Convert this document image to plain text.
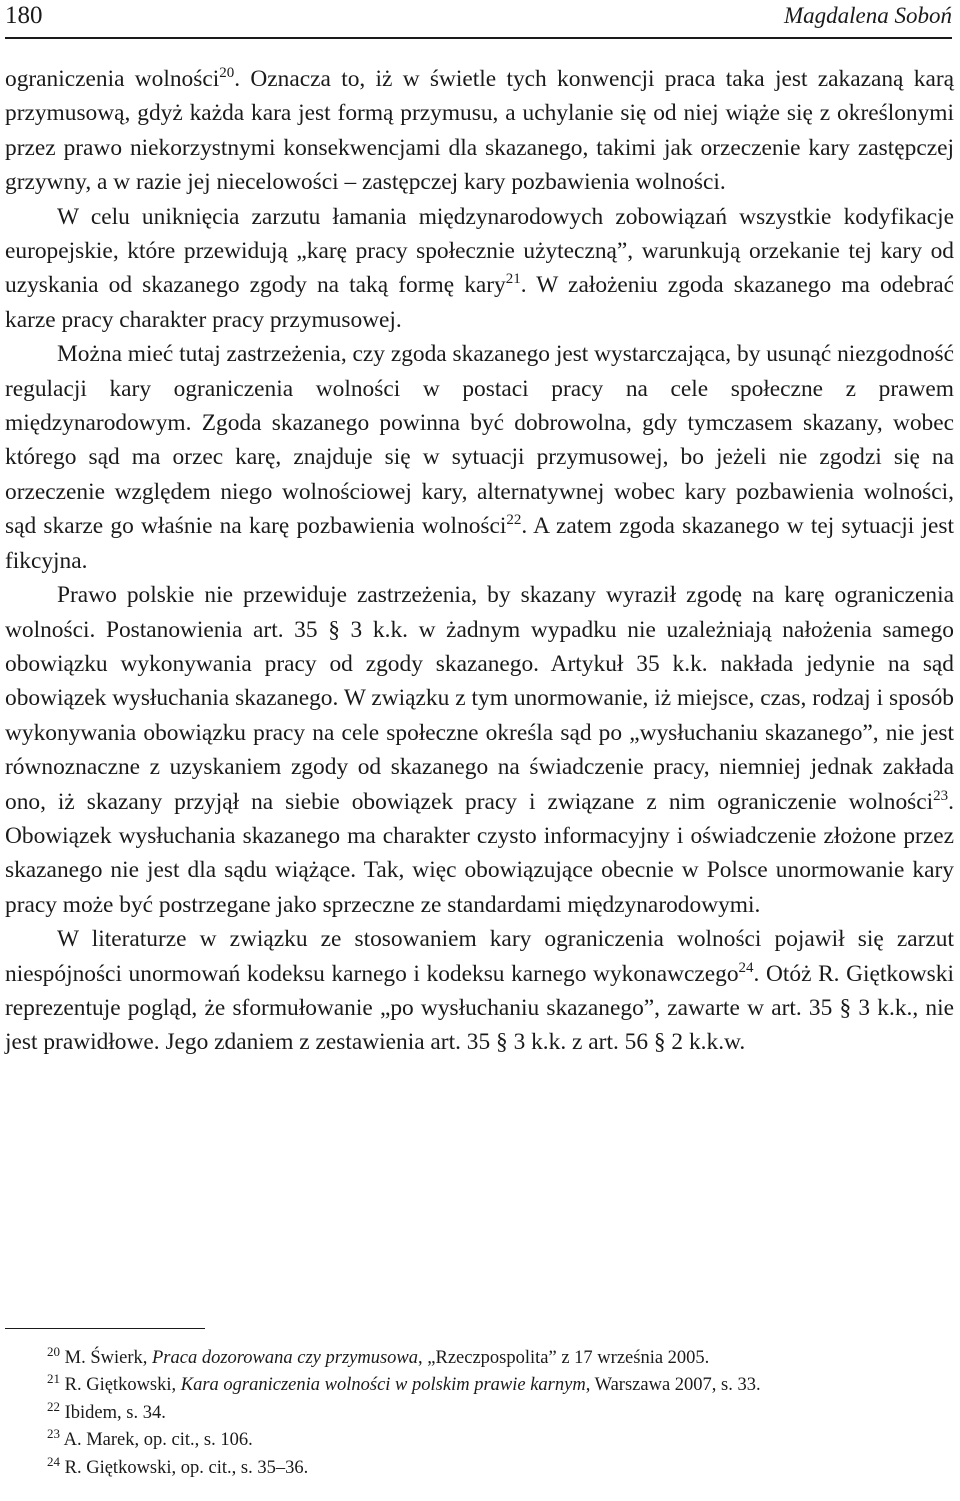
180	Magdalena Soboń

ograniczenia wolności$^{20}$. Oznacza to, iż w świetle tych konwencji praca taka jest zakazaną karą przymusową, gdyż każda kara jest formą przymusu, a uchylanie się od niej wiąże się z określonymi przez prawo niekorzystnymi konsekwencjami dla skazanego, takimi jak orzeczenie kary zastępczej grzywny, a w razie jej niecelowości – zastępczej kary pozbawienia wolności.

W celu uniknięcia zarzutu łamania międzynarodowych zobowiązań wszystkie kodyfikacje europejskie, które przewidują „karę pracy społecznie użyteczną”, warunkują orzekanie tej kary od uzyskania od skazanego zgody na taką formę kary$^{21}$. W założeniu zgoda skazanego ma odebrać karze pracy charakter pracy przymusowej.

Można mieć tutaj zastrzeżenia, czy zgoda skazanego jest wystarczająca, by usunąć niezgodność regulacji kary ograniczenia wolności w postaci pracy na cele społeczne z prawem międzynarodowym. Zgoda skazanego powinna być dobrowolna, gdy tymczasem skazany, wobec którego sąd ma orzec karę, znajduje się w sytuacji przymusowej, bo jeżeli nie zgodzi się na orzeczenie względem niego wolnościowej kary, alternatywnej wobec kary pozbawienia wolności, sąd skarze go właśnie na karę pozbawienia wolności$^{22}$. A zatem zgoda skazanego w tej sytuacji jest fikcyjna.

Prawo polskie nie przewiduje zastrzeżenia, by skazany wyraził zgodę na karę ograniczenia wolności. Postanowienia art. 35 § 3 k.k. w żadnym wypadku nie uzależniają nałożenia samego obowiązku wykonywania pracy od zgody skazanego. Artykuł 35 k.k. nakłada jedynie na sąd obowiązek wysłuchania skazanego. W związku z tym unormowanie, iż miejsce, czas, rodzaj i sposób wykonywania obowiązku pracy na cele społeczne określa sąd po „wysłuchaniu skazanego”, nie jest równoznaczne z uzyskaniem zgody od skazanego na świadczenie pracy, niemniej jednak zakłada ono, iż skazany przyjął na siebie obowiązek pracy i związane z nim ograniczenie wolności$^{23}$. Obowiązek wysłuchania skazanego ma charakter czysto informacyjny i oświadczenie złożone przez skazanego nie jest dla sądu wiążące. Tak, więc obowiązujące obecnie w Polsce unormowanie kary pracy może być postrzegane jako sprzeczne ze standardami międzynarodowymi.

W literaturze w związku ze stosowaniem kary ograniczenia wolności pojawił się zarzut niespójności unormowań kodeksu karnego i kodeksu karnego wykonawczego$^{24}$. Otóż R. Giętkowski reprezentuje pogląd, że sformułowanie „po wysłuchaniu skazanego”, zawarte w art. 35 § 3 k.k., nie jest prawidłowe. Jego zdaniem z zestawienia art. 35 § 3 k.k. z art. 56 § 2 k.k.w.

$^{20}$ M. Świerk, Praca dozorowana czy przymusowa, „Rzeczpospolita” z 17 września 2005.

$^{21}$ R. Giętkowski, Kara ograniczenia wolności w polskim prawie karnym, Warszawa 2007, s. 33.

$^{22}$ Ibidem, s. 34.

$^{23}$ A. Marek, op. cit., s. 106.

$^{24}$ R. Giętkowski, op. cit., s. 35–36.
